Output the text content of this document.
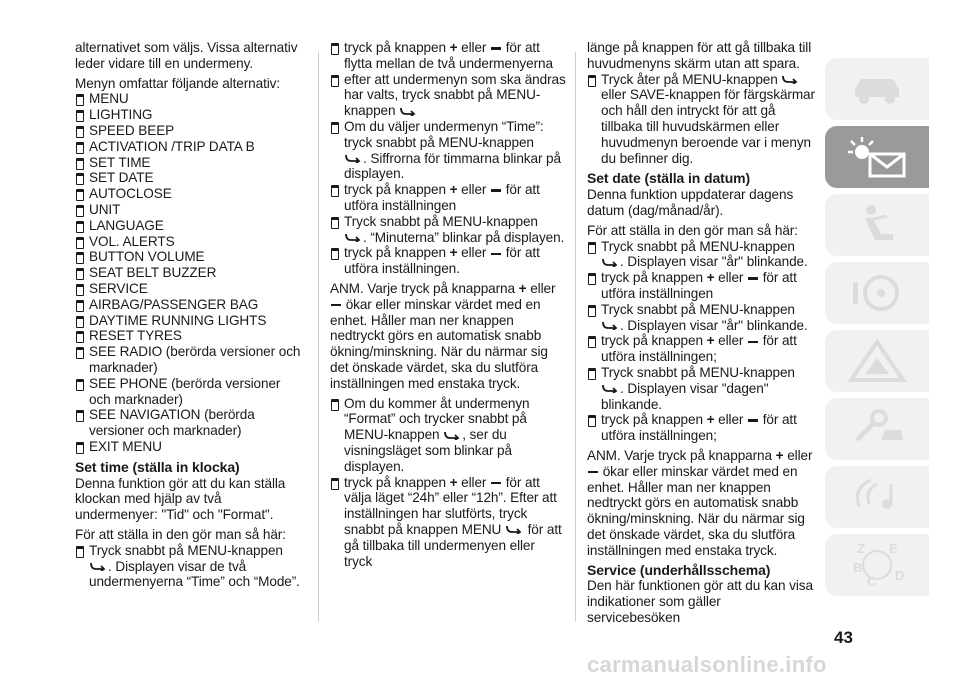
alternativet som väljs. Vissa alternativ leder vidare till en undermeny.

Menyn omfattar följande alternativ:

MENU

LIGHTING

SPEED BEEP

ACTIVATION /TRIP DATA B

SET TIME

SET DATE

AUTOCLOSE

UNIT

LANGUAGE

VOL. ALERTS

BUTTON VOLUME

SEAT BELT BUZZER

SERVICE

AIRBAG/PASSENGER BAG

DAYTIME RUNNING LIGHTS

RESET TYRES

SEE RADIO (berörda versioner och marknader)

SEE PHONE (berörda versioner och marknader)

SEE NAVIGATION (berörda versioner och marknader)

EXIT MENU

Set time (ställa in klocka)

Denna funktion gör att du kan ställa klockan med hjälp av två undermenyer: "Tid" och "Format".

För att ställa in den gör man så här:

Tryck snabbt på MENU-knappen
. Displayen visar de två undermenyerna “Time” och “Mode”.

tryck på knappen + eller för att flytta mellan de två undermenyerna

efter att undermenyn som ska ändras har valts, tryck snabbt på MENU-knappen

Om du väljer undermenyn “Time”: tryck snabbt på MENU-knappen

. Siffrorna för timmarna blinkar på displayen.

tryck på knappen + eller för att utföra inställningen

Tryck snabbt på MENU-knappen

. “Minuterna” blinkar på displayen.

tryck på knappen + eller för att utföra inställningen.

ANM. Varje tryck på knapparna + eller
ökar eller minskar värdet med en enhet. Håller man ner knappen nedtryckt görs en automatisk snabb ökning/minskning. När du närmar sig det önskade värdet, ska du slutföra inställningen med enstaka tryck.

Om du kommer åt undermenyn “Format” och trycker snabbt på MENU-knappen , ser du visningsläget som blinkar på displayen.

tryck på knappen + eller för att välja läget “24h” eller “12h”. Efter att inställningen har slutförts, tryck snabbt på knappen MENU för att gå tillbaka till undermenyen eller tryck

länge på knappen för att gå tillbaka till huvudmenyns skärm utan att spara.

Tryck åter på MENU-knappen
eller SAVE-knappen för färgskärmar och håll den intryckt för att gå tillbaka till huvudskärmen eller huvudmenyn beroende var i menyn du befinner dig.

Set date (ställa in datum)

Denna funktion uppdaterar dagens datum (dag/månad/år).

För att ställa in den gör man så här:

Tryck snabbt på MENU-knappen

. Displayen visar "år" blinkande.

tryck på knappen + eller för att utföra inställningen

Tryck snabbt på MENU-knappen

. Displayen visar "år" blinkande.

tryck på knappen + eller för att utföra inställningen;

Tryck snabbt på MENU-knappen

. Displayen visar "dagen" blinkande.

tryck på knappen + eller för att utföra inställningen;

ANM. Varje tryck på knapparna + eller
ökar eller minskar värdet med en enhet. Håller man ner knappen nedtryckt görs en automatisk snabb ökning/minskning. När du närmar sig det önskade värdet, ska du slutföra inställningen med enstaka tryck.

Service (underhållsschema)

Den här funktionen gör att du kan visa indikationer som gäller servicebesöken

Z E
B
D
C
43
carmanualsonline.info
